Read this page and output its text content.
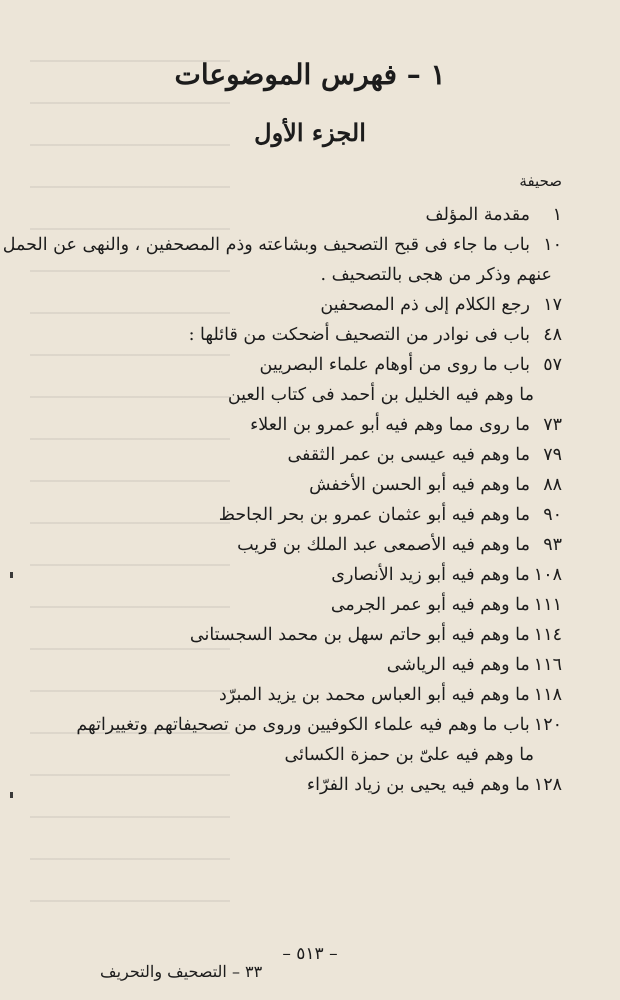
١ – فهرس الموضوعات
الجزء الأول
صحيفة
١
مقدمة المؤلف
١٠
باب ما جاء فى قبح التصحيف وبشاعته وذم المصحفين ، والنهى عن الحمل
عنهم وذكر من هجى بالتصحيف .
١٧
رجع الكلام إلى ذم المصحفين
٤٨
باب فى نوادر من التصحيف أضحكت من قائلها :
٥٧
باب ما روى من أوهام علماء البصريين
ما وهم فيه الخليل بن أحمد فى كتاب العين
٧٣
ما روى مما وهم فيه أبو عمرو بن العلاء
٧٩
ما وهم فيه عيسى بن عمر الثقفى
٨٨
ما وهم فيه أبو الحسن الأخفش
٩٠
ما وهم فيه أبو عثمان عمرو بن بحر الجاحظ
٩٣
ما وهم فيه الأصمعى عبد الملك بن قريب
١٠٨
ما وهم فيه أبو زيد الأنصارى
١١١
ما وهم فيه أبو عمر الجرمى
١١٤
ما وهم فيه أبو حاتم سهل بن محمد السجستانى
١١٦
ما وهم فيه الرياشى
١١٨
ما وهم فيه أبو العباس محمد بن يزيد المبرّد
١٢٠
باب ما وهم فيه علماء الكوفيين وروى من تصحيفاتهم وتغييراتهم
ما وهم فيه علىّ بن حمزة الكسائى
١٢٨
ما وهم فيه يحيى بن زياد الفرّاء
– ٥١٣ –
٣٣ – التصحيف والتحريف
